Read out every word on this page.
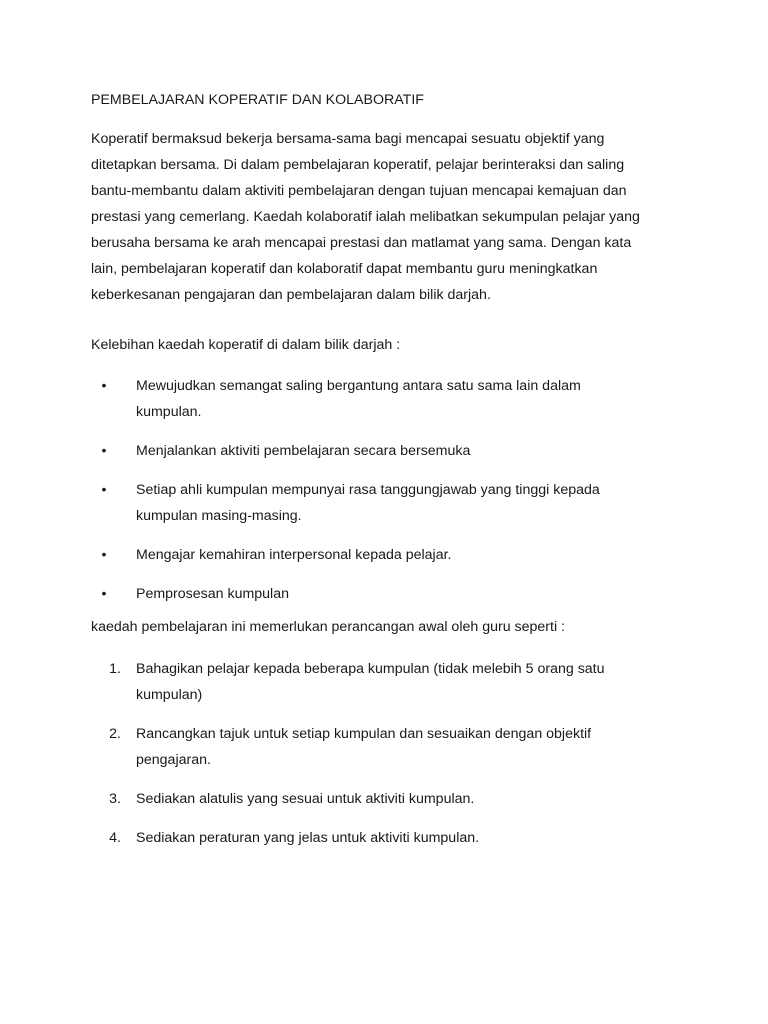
PEMBELAJARAN KOPERATIF DAN KOLABORATIF

Koperatif bermaksud bekerja bersama-sama bagi mencapai sesuatu objektif yang
ditetapkan bersama. Di dalam pembelajaran koperatif, pelajar berinteraksi dan saling
bantu-membantu dalam aktiviti pembelajaran dengan tujuan mencapai kemajuan dan
prestasi yang cemerlang. Kaedah kolaboratif ialah melibatkan sekumpulan pelajar yang
berusaha bersama ke arah mencapai prestasi dan matlamat yang sama. Dengan kata
lain, pembelajaran koperatif dan kolaboratif dapat membantu guru meningkatkan
keberkesanan pengajaran dan pembelajaran dalam bilik darjah.

Kelebihan kaedah koperatif di dalam bilik darjah :
•	Mewujudkan semangat saling bergantung antara satu sama lain dalam
kumpulan.
•	Menjalankan aktiviti pembelajaran secara bersemuka
•	Setiap ahli kumpulan mempunyai rasa tanggungjawab yang tinggi kepada
kumpulan masing-masing.
•	Mengajar kemahiran interpersonal kepada pelajar.
•	Pemprosesan kumpulan
kaedah pembelajaran ini memerlukan perancangan awal oleh guru seperti :
1. Bahagikan pelajar kepada beberapa kumpulan (tidak melebih 5 orang satu
kumpulan)
2. Rancangkan tajuk untuk setiap kumpulan dan sesuaikan dengan objektif
pengajaran.
3. Sediakan alatulis yang sesuai untuk aktiviti kumpulan.
4. Sediakan peraturan yang jelas untuk aktiviti kumpulan.
